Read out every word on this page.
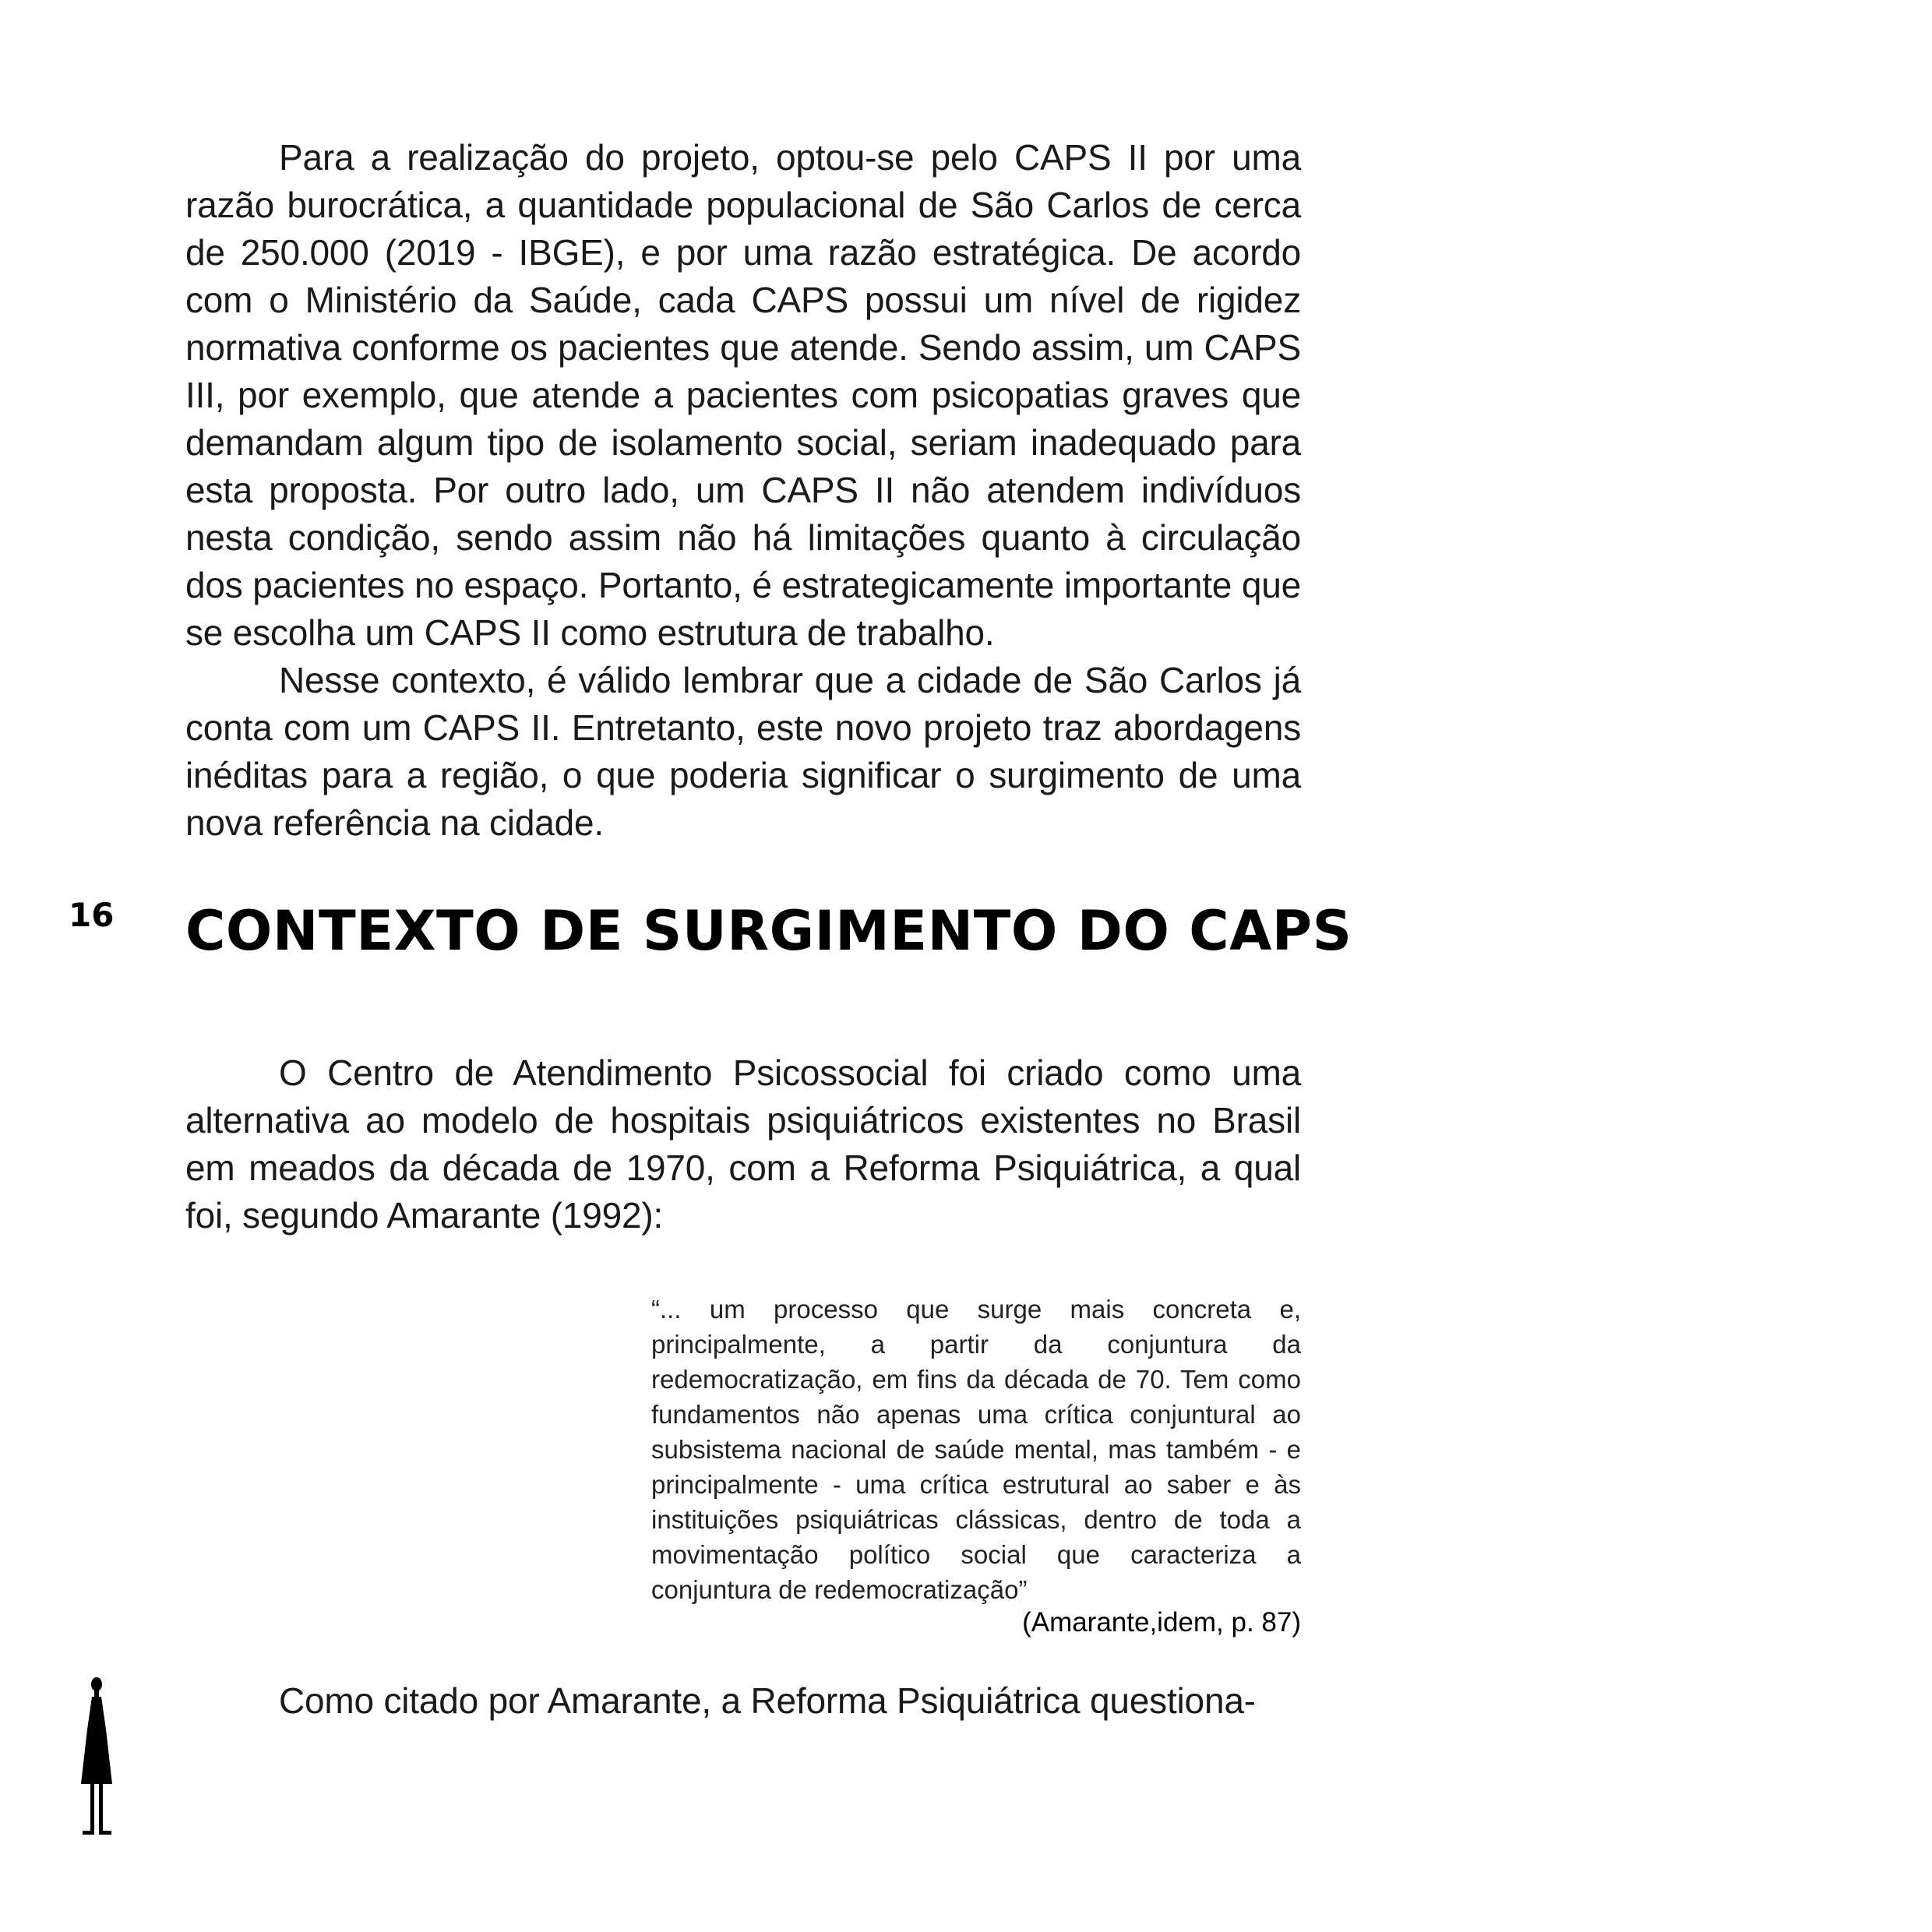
Para a realização do projeto, optou-se pelo CAPS II por uma razão burocrática, a quantidade populacional de São Carlos de cerca de 250.000 (2019 - IBGE), e por uma razão estratégica. De acordo com o Ministério da Saúde, cada CAPS possui um nível de rigidez normativa conforme os pacientes que atende. Sendo assim, um CAPS III, por exemplo, que atende a pacientes com psicopatias graves que demandam algum tipo de isolamento social, seriam inadequado para esta proposta. Por outro lado, um CAPS II não atendem indivíduos nesta condição, sendo assim não há limitações quanto à circulação dos pacientes no espaço. Portanto, é estrategicamente importante que se escolha um CAPS II como estrutura de trabalho.

Nesse contexto, é válido lembrar que a cidade de São Carlos já conta com um CAPS II. Entretanto, este novo projeto traz abordagens inéditas para a região, o que poderia significar o surgimento de uma nova referência na cidade.

16 CONTEXTO DE SURGIMENTO DO CAPS

O Centro de Atendimento Psicossocial foi criado como uma alternativa ao modelo de hospitais psiquiátricos existentes no Brasil em meados da década de 1970, com a Reforma Psiquiátrica, a qual foi, segundo Amarante (1992):

“... um processo que surge mais concreta e, principalmente, a partir da conjuntura da redemocratização, em fins da década de 70. Tem como fundamentos não apenas uma crítica conjuntural ao subsistema nacional de saúde mental, mas também - e principalmente - uma crítica estrutural ao saber e às instituições psiquiátricas clássicas, dentro de toda a movimentação político social que caracteriza a conjuntura de redemocratização”

(Amarante,idem, p. 87)

Como citado por Amarante, a Reforma Psiquiátrica questiona-
